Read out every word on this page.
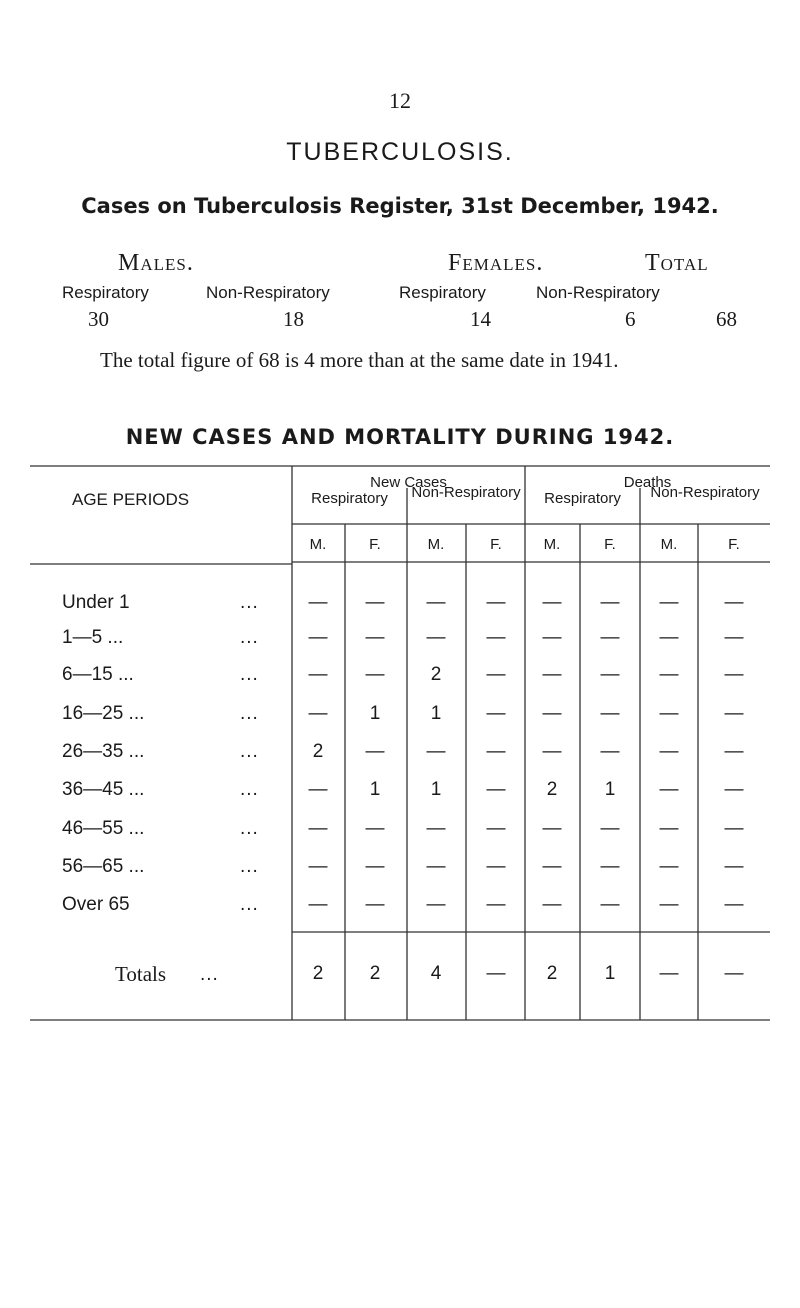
12
TUBERCULOSIS.
Cases on Tuberculosis Register, 31st December, 1942.
Males.	Females.	Total
Respiratory	Non-Respiratory	Respiratory	Non-Respiratory
30	18	14	6	68
The total figure of 68 is 4 more than at the same date in 1941.
NEW CASES AND MORTALITY DURING 1942.
AGE PERIODS
New Cases	Deaths
Respiratory	Non-Respiratory	Respiratory	Non-Respiratory
M.	F.	M.	F.	M.	F.	M.	F.
Under 1	...	—	—	—	—	—	—	—	—
1—5 ...	...	—	—	—	—	—	—	—	—
6—15 ...	...	—	—	2	—	—	—	—	—
16—25 ...	...	—	1	1	—	—	—	—	—
26—35 ...	...	2	—	—	—	—	—	—	—
36—45 ...	...	—	1	1	—	2	1	—	—
46—55 ...	...	—	—	—	—	—	—	—	—
56—65 ...	...	—	—	—	—	—	—	—	—
Over 65	...	—	—	—	—	—	—	—	—
Totals ...	2	2	4	—	2	1	—	—
